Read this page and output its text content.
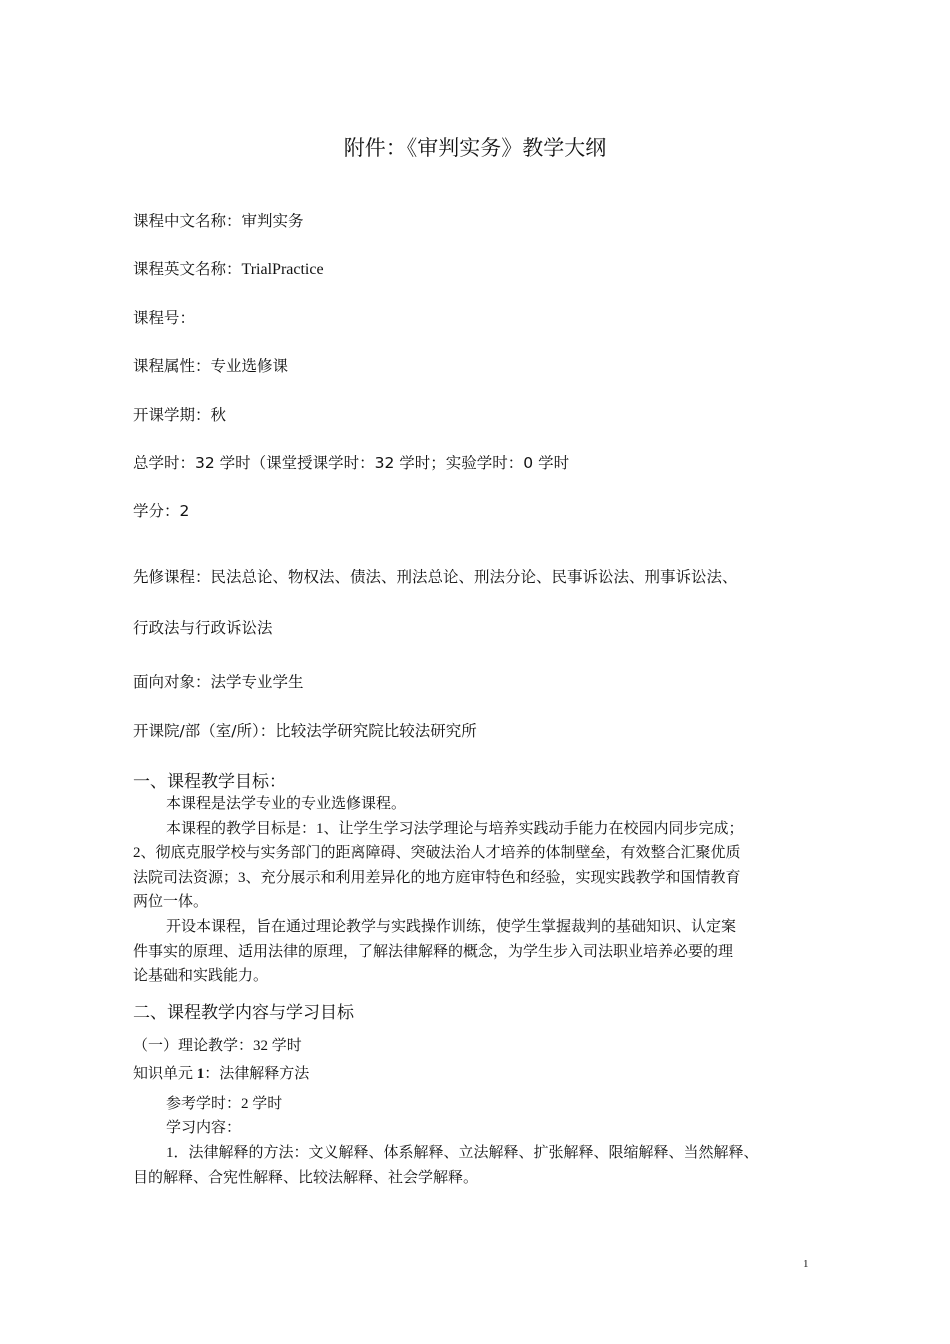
附件：《审判实务》教学大纲
课程中文名称：审判实务
课程英文名称：TrialPractice
课程号：
课程属性：专业选修课
开课学期：秋
总学时：32 学时（课堂授课学时：32 学时；实验学时：0 学时
学分：2
先修课程：民法总论、物权法、债法、刑法总论、刑法分论、民事诉讼法、刑事诉讼法、
行政法与行政诉讼法
面向对象：法学专业学生
开课院/部（室/所）：比较法学研究院比较法研究所
一、课程教学目标：
本课程是法学专业的专业选修课程。
本课程的教学目标是：1、让学生学习法学理论与培养实践动手能力在校园内同步完成；
2、彻底克服学校与实务部门的距离障碍、突破法治人才培养的体制壁垒，有效整合汇聚优质
法院司法资源；3、充分展示和利用差异化的地方庭审特色和经验，实现实践教学和国情教育
两位一体。
开设本课程，旨在通过理论教学与实践操作训练，使学生掌握裁判的基础知识、认定案
件事实的原理、适用法律的原理，了解法律解释的概念，为学生步入司法职业培养必要的理
论基础和实践能力。
二、课程教学内容与学习目标
（一）理论教学：32 学时
知识单元 1：法律解释方法
参考学时：2 学时
学习内容：
1．法律解释的方法：文义解释、体系解释、立法解释、扩张解释、限缩解释、当然解释、
目的解释、合宪性解释、比较法解释、社会学解释。
1
